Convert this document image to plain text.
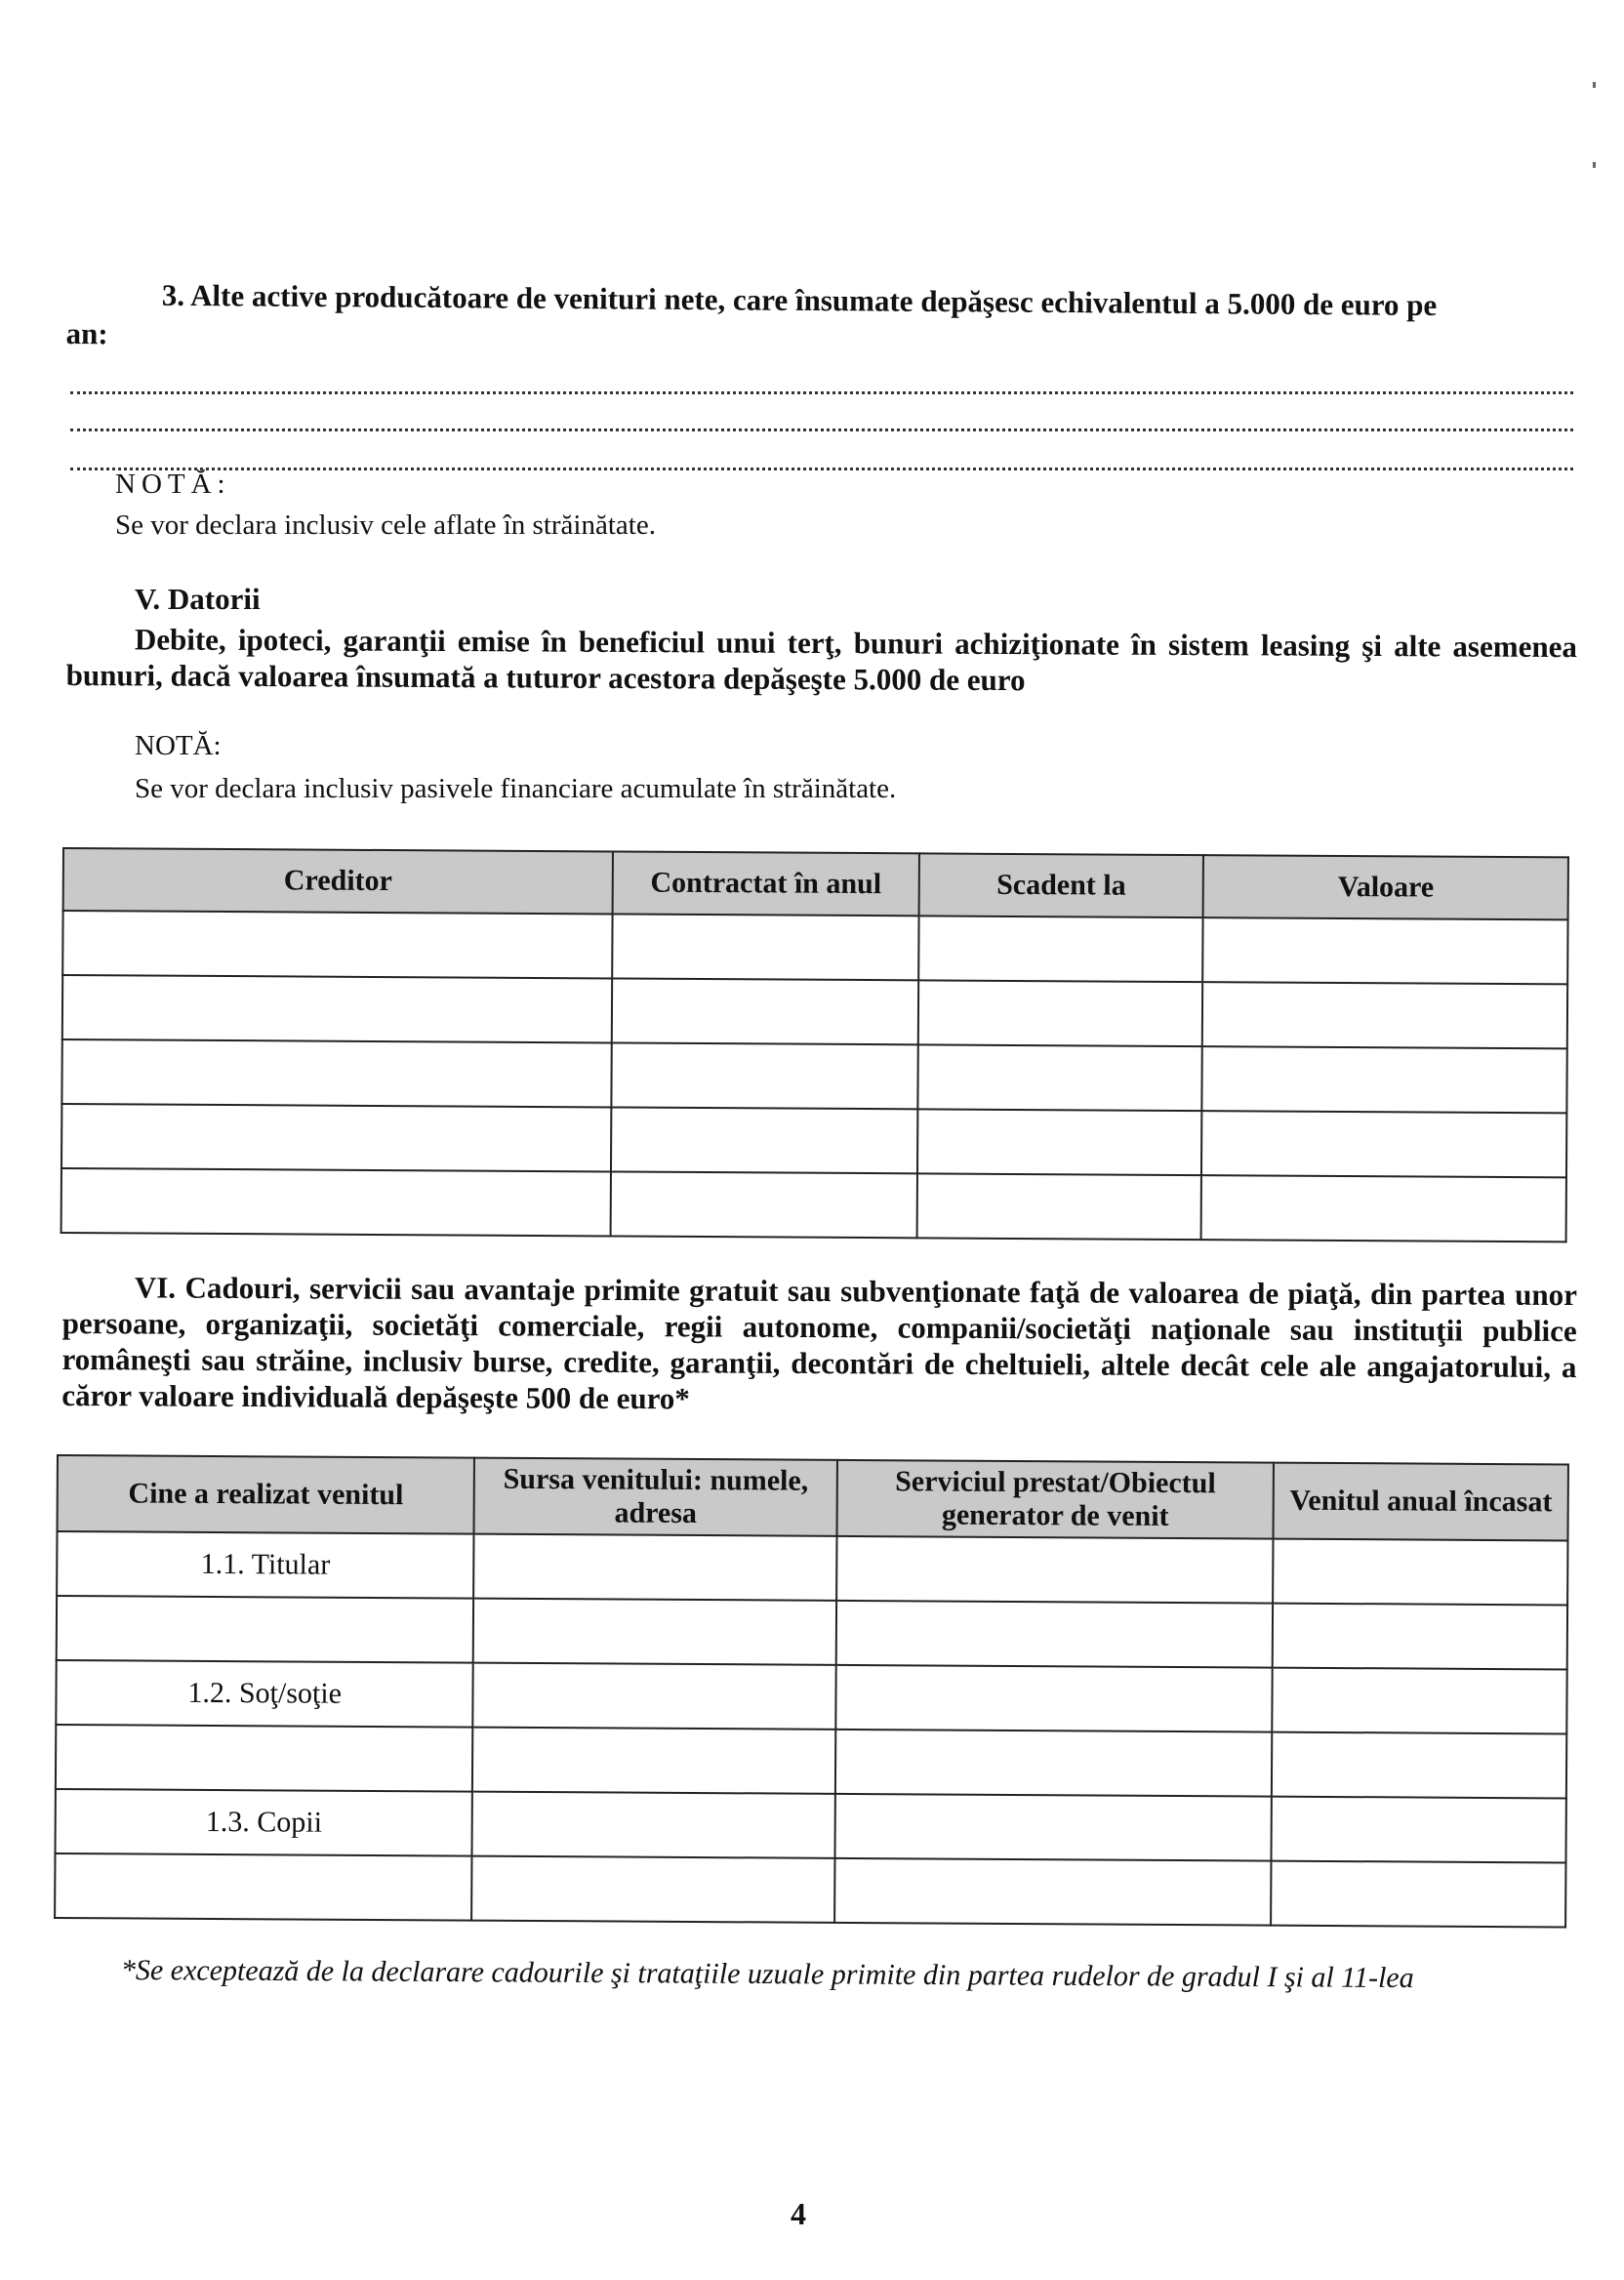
3. Alte active producătoare de venituri nete, care însumate depăşesc echivalentul a 5.000 de euro pe
an:
NOTĂ:
Se vor declara inclusiv cele aflate în străinătate.
V. Datorii
Debite, ipoteci, garanţii emise în beneficiul unui terţ, bunuri achiziţionate în sistem leasing şi alte asemenea bunuri, dacă valoarea însumată a tuturor acestora depăşeşte 5.000 de euro
NOTĂ:
Se vor declara inclusiv pasivele financiare acumulate în străinătate.
Creditor	Contractat în anul	Scadent la	Valoare

VI. Cadouri, servicii sau avantaje primite gratuit sau subvenţionate faţă de valoarea de piaţă, din partea unor persoane, organizaţii, societăţi comerciale, regii autonome, companii/societăţi naţionale sau instituţii publice româneşti sau străine, inclusiv burse, credite, garanţii, decontări de cheltuieli, altele decât cele ale angajatorului, a căror valoare individuală depăşeşte 500 de euro*
Cine a realizat venitul	Sursa venitului: numele, adresa	Serviciul prestat/Obiectul generator de venit	Venitul anual încasat
1.1. Titular			

1.2. Soţ/soţie			

1.3. Copii			

*Se exceptează de la declarare cadourile şi trataţiile uzuale primite din partea rudelor de gradul I şi al 11-lea
4
